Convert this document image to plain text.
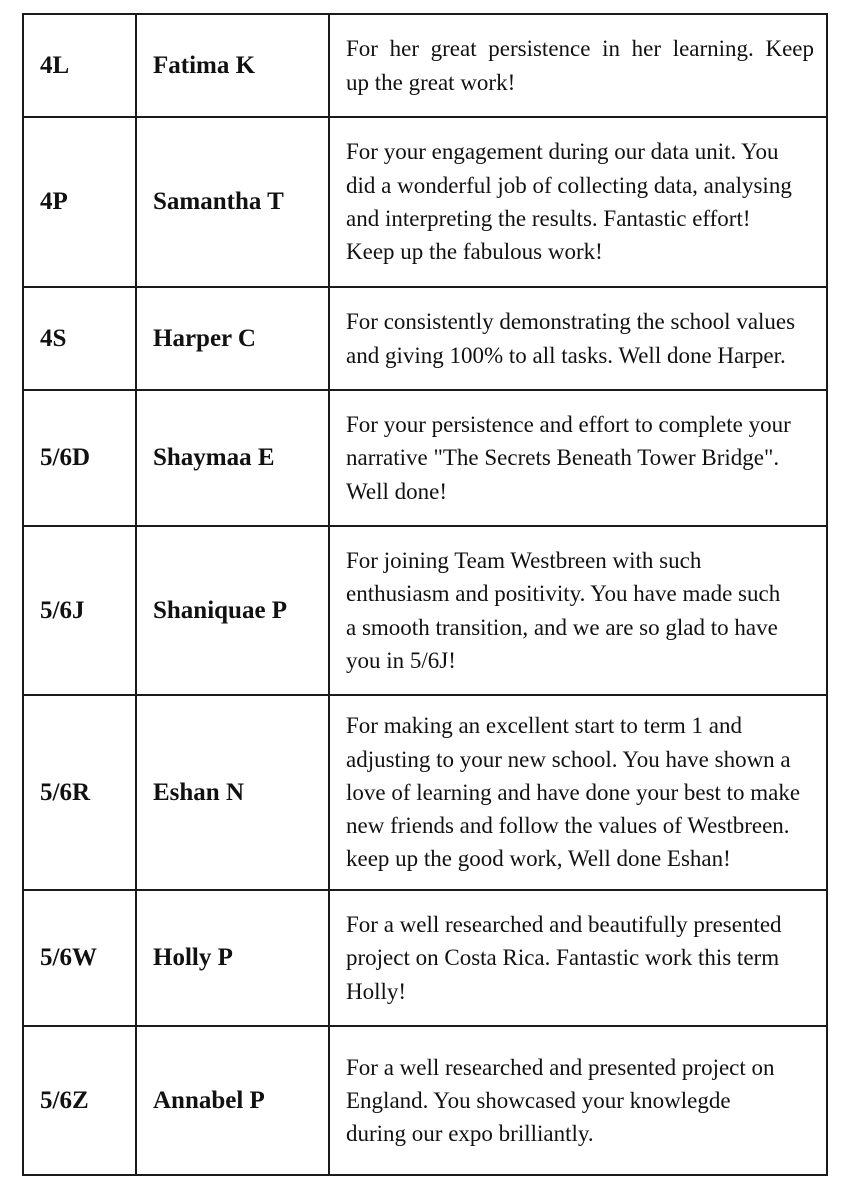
4L	Fatima K	For her great persistence in her learning. Keep
up the great work!

4P	Samantha T	For your engagement during our data unit. You
did a wonderful job of collecting data, analysing
and interpreting the results. Fantastic effort!
Keep up the fabulous work!

4S	Harper C	For consistently demonstrating the school values
and giving 100% to all tasks. Well done Harper.

5/6D	Shaymaa E	For your persistence and effort to complete your
narrative "The Secrets Beneath Tower Bridge".
Well done!

5/6J	Shaniquae P	For joining Team Westbreen with such
enthusiasm and positivity. You have made such
a smooth transition, and we are so glad to have
you in 5/6J!

5/6R	Eshan N	For making an excellent start to term 1 and
adjusting to your new school. You have shown a
love of learning and have done your best to make
new friends and follow the values of Westbreen.
keep up the good work, Well done Eshan!

5/6W	Holly P	For a well researched and beautifully presented
project on Costa Rica. Fantastic work this term
Holly!

5/6Z	Annabel P	For a well researched and presented project on
England. You showcased your knowlegde
during our expo brilliantly.
